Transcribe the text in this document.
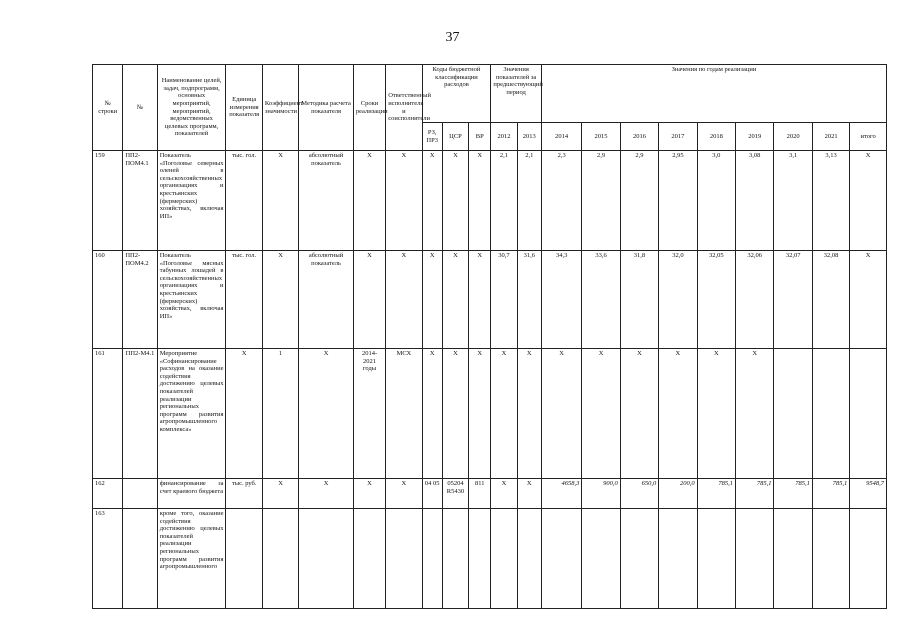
37
№ строки	№	Наименование целей, задач, подпрограмм, основных мероприятий, мероприятий, ведомственных целевых программ, показателей	Единица измерения показателя	Коэффициент значимости	Методика расчета показателя	Сроки реализации	Ответственный исполнитель и соисполнители	Коды бюджетной классификации расходов			Значения показателей за предшествующий период		Значения по годам реализации								
								РЗ, ПР3	ЦСР	ВР	2012	2013	2014	2015	2016	2017	2018	2019	2020	2021	итого
159	ПП2-ПОМ4.1	Показатель «Поголовье северных оленей в сельскохозяйственных организациях и крестьянских (фермерских) хозяйствах, включая ИП»	тыс. гол.	Х	абсолютный показатель	Х	Х	Х	Х	Х	2,1	2,1	2,3	2,9	2,9	2,95	3,0	3,08	3,1	3,13	Х
160	ПП2-ПОМ4.2	Показатель «Поголовье мясных табунных лошадей в сельскохозяйственных организациях и крестьянских (фермерских) хозяйствах, включая ИП»	тыс. гол.	Х	абсолютный показатель	Х	Х	Х	Х	Х	30,7	31,6	34,3	33,6	31,8	32,0	32,05	32,06	32,07	32,08	Х
161	ПП2-М4.1	Мероприятие «Софинансирование расходов на оказание содействия достижению целевых показателей реализации региональных программ развития агропромышленного комплекса»	Х	1	Х	2014-2021 годы	МСХ	Х	Х	Х	Х	Х	Х	Х	Х	Х	Х	Х			
162		финансирование за счет краевого бюджета	тыс. руб.	Х	Х	Х	Х	04 05	05204 R5430	811	Х	Х	4658,3	900,0	650,0	200,0	785,1	785,1	785,1	785,1	9548,7
163		кроме того, оказание содействия достижению целевых показателей реализации региональных программ развития агропромышленного																			
